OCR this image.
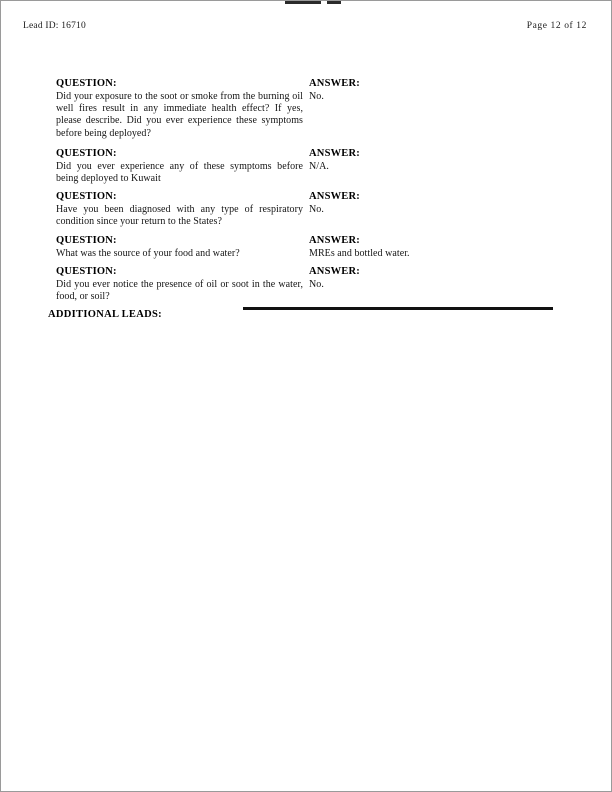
Lead ID: 16710	Page 12 of 12

QUESTION:

Did your exposure to the soot or smoke from the burning oil well fires result in any immediate health effect? If yes, please describe. Did you ever experience these symptoms before being deployed?

ANSWER:

No.

QUESTION:

Did you ever experience any of these symptoms before being deployed to Kuwait

ANSWER:

N/A.

QUESTION:

Have you been diagnosed with any type of respiratory condition since your return to the States?

ANSWER:

No.

QUESTION:

What was the source of your food and water?

ANSWER:

MREs and bottled water.

QUESTION:

Did you ever notice the presence of oil or soot in the water, food, or soil?

ANSWER:

No.

ADDITIONAL LEADS:
